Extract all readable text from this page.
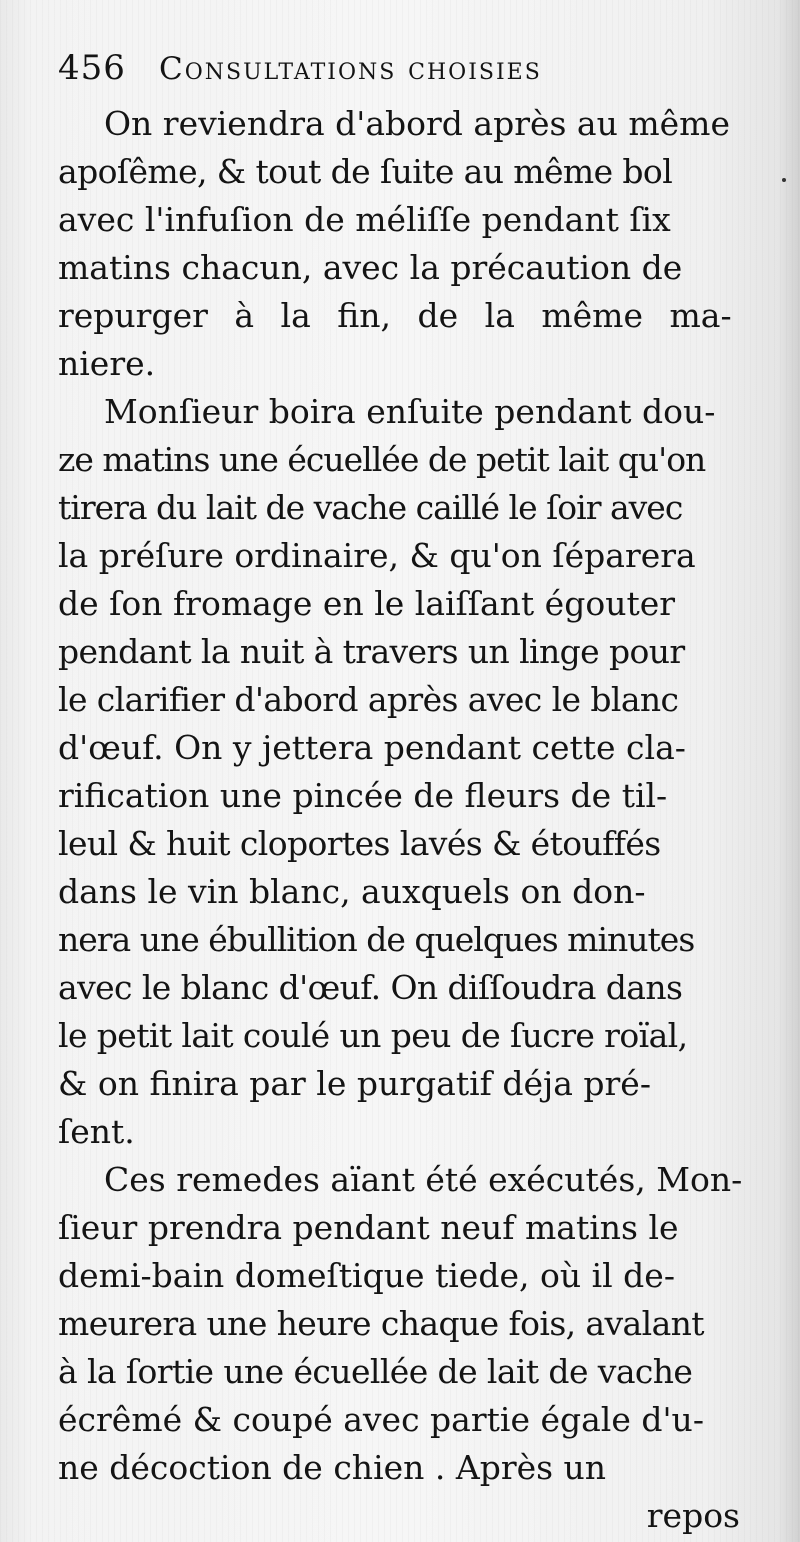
456 Consultations choisies
On reviendra d'abord après au même
apoſême, & tout de ſuite au même bol
avec l'infuſion de méliſſe pendant ſix
matins chacun, avec la précaution de
repurger à la fin, de la même ma-
niere.
Monſieur boira enſuite pendant dou-
ze matins une écuellée de petit lait qu'on
tirera du lait de vache caillé le ſoir avec
la préſure ordinaire, & qu'on ſéparera
de ſon fromage en le laiſſant égouter
pendant la nuit à travers un linge pour
le clarifier d'abord après avec le blanc
d'œuf. On y jettera pendant cette cla-
rification une pincée de fleurs de til-
leul & huit cloportes lavés & étouffés
dans le vin blanc, auxquels on don-
nera une ébullition de quelques minutes
avec le blanc d'œuf. On diſſoudra dans
le petit lait coulé un peu de ſucre roïal,
& on finira par le purgatif déja pré-
ſent.
Ces remedes aïant été exécutés, Mon-
ſieur prendra pendant neuf matins le
demi-bain domeſtique tiede, où il de-
meurera une heure chaque fois, avalant
à la ſortie une écuellée de lait de vache
écrêmé & coupé avec partie égale d'u-
ne décoction de chien . Après un
repos
